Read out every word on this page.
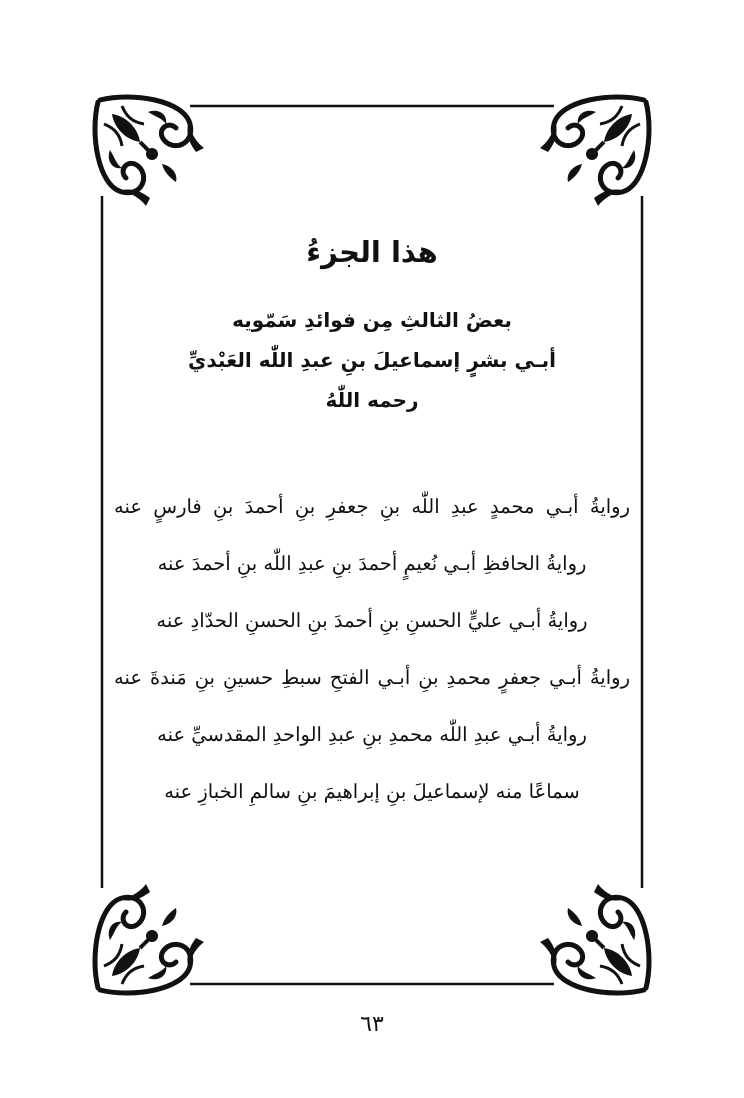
هذا الجزءُ

بعضُ الثالثِ مِن فوائدِ سَمّويه

أبـي بشرٍ إسماعيلَ بنِ عبدِ اللّٰه العَبْديِّ

رحمه اللّٰهُ

روايةُ أبـي محمدٍ عبدِ اللّٰه بنِ جعفرِ بنِ أحمدَ بنِ فارسٍ عنه
روايةُ الحافظِ أبـي نُعيمٍ أحمدَ بنِ عبدِ اللّٰه بنِ أحمدَ عنه
روايةُ أبـي عليٍّ الحسنِ بنِ أحمدَ بنِ الحسنِ الحدّادِ عنه
روايةُ أبـي جعفرٍ محمدِ بنِ أبـي الفتحِ سبطِ حسينِ بنِ مَندةَ عنه
روايةُ أبـي عبدِ اللّٰه محمدِ بنِ عبدِ الواحدِ المقدسيِّ عنه
سماعًا منه لإسماعيلَ بنِ إبراهيمَ بنِ سالمِ الخبازِ عنه
٦٣
